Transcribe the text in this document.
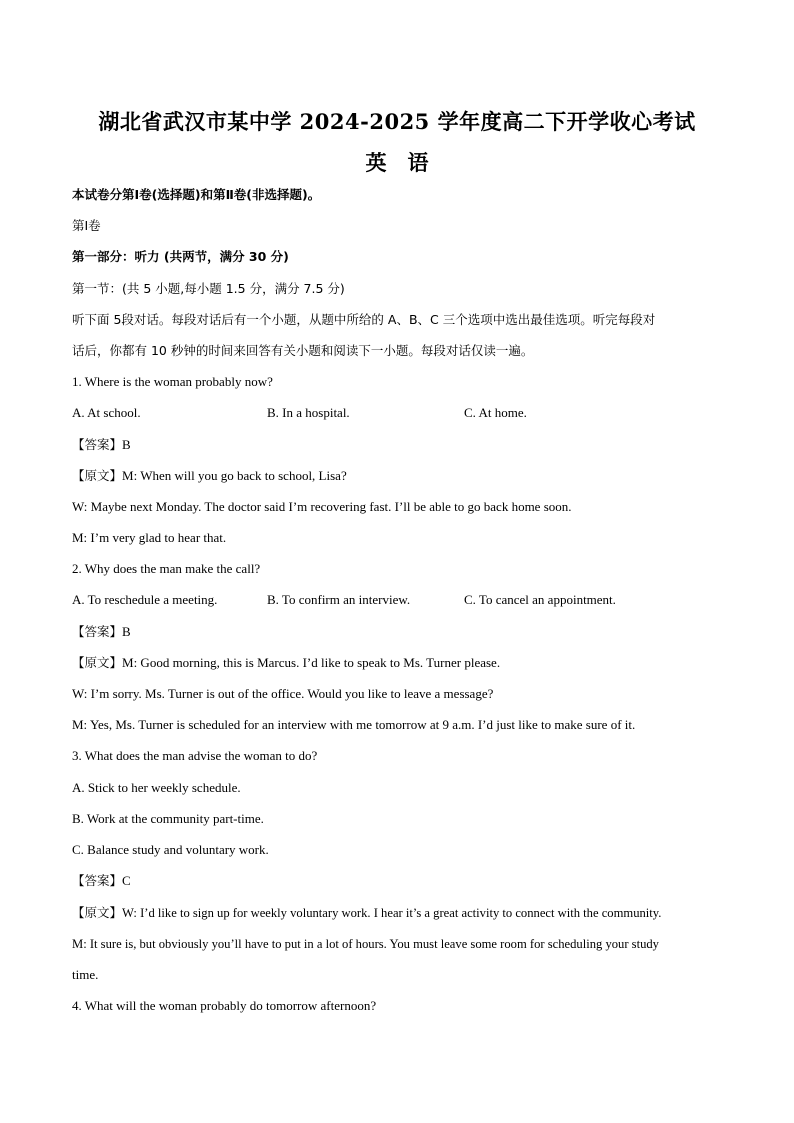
湖北省武汉市某中学 2024-2025 学年度高二下开学收心考试
英　语
本试卷分第Ⅰ卷(选择题)和第Ⅱ卷(非选择题)。
第Ⅰ卷
第一部分：听力 (共两节，满分 30 分)
第一节：(共 5 小题,每小题 1.5 分，满分 7.5 分)
听下面 5段对话。每段对话后有一个小题，从题中所给的 A、B、C 三个选项中选出最佳选项。听完每段对
话后，你都有 10 秒钟的时间来回答有关小题和阅读下一小题。每段对话仅读一遍。
1. Where is the woman probably now?
A. At school.	B. In a hospital.	C. At home.
【答案】B
【原文】M: When will you go back to school, Lisa?
W: Maybe next Monday. The doctor said I’m recovering fast. I’ll be able to go back home soon.
M: I’m very glad to hear that.
2. Why does the man make the call?
A. To reschedule a meeting.	B. To confirm an interview.	C. To cancel an appointment.
【答案】B
【原文】M: Good morning, this is Marcus. I’d like to speak to Ms. Turner please.
W: I’m sorry. Ms. Turner is out of the office. Would you like to leave a message?
M: Yes, Ms. Turner is scheduled for an interview with me tomorrow at 9 a.m. I’d just like to make sure of it.
3. What does the man advise the woman to do?
A. Stick to her weekly schedule.
B. Work at the community part-time.
C. Balance study and voluntary work.
【答案】C
【原文】W: I’d like to sign up for weekly voluntary work. I hear it’s a great activity to connect with the community.
M: It sure is, but obviously you’ll have to put in a lot of hours. You must leave some room for scheduling your study
time.
4. What will the woman probably do tomorrow afternoon?
